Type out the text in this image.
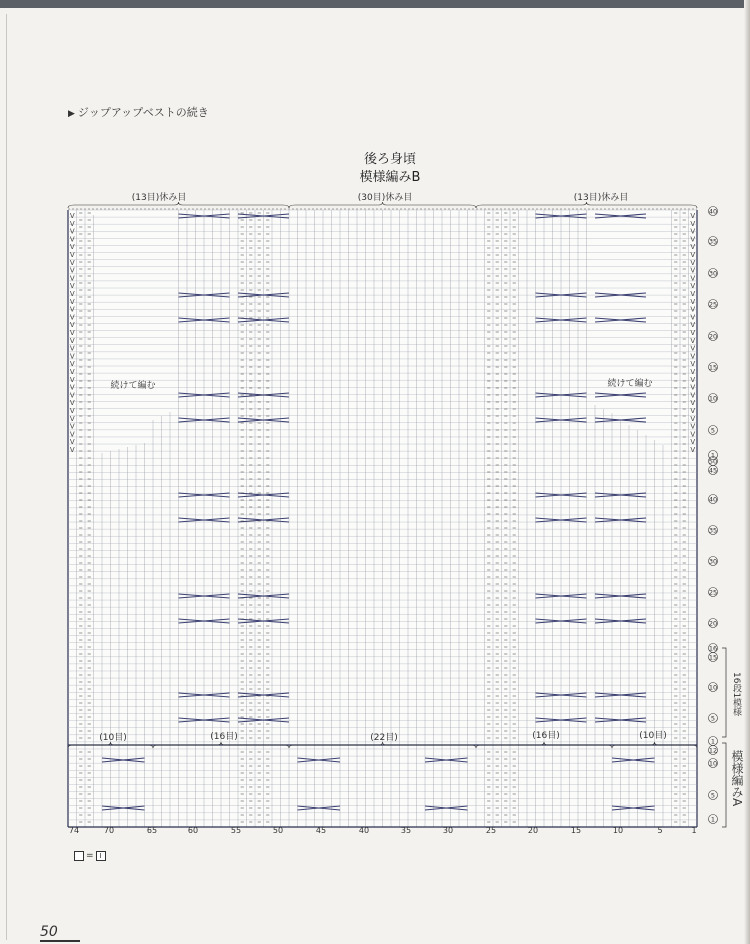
▶ ジップアップベストの続き
後ろ身頃
模様編みB
V	V
V	V
V	V
V	V
V	V
V	V
V	V
V	V
V	V
V	V
V	V
V	V
V	V
V	V
V	V
V	V
V	V
V	V
V	V
V	V
V	V
V	V
V	V
V	V
V	V
V	V
V	V
V	V
V	V
V	V
V	V
(13目)休み目	(30目)休み目	(13目)休み目
続けて編む	続けて編む
(10目)	(16目)	(22目)	(16目)	(10目)
74	70	65	60	55	50	45	40	35	30	25	20	15	10	5	1
40
35
30
25
20
15
10
5
1
50
45
40
35
30
25
20
16
15
10
5
1
12
10
5
1
16段1模様
模様編みA
= I
50
